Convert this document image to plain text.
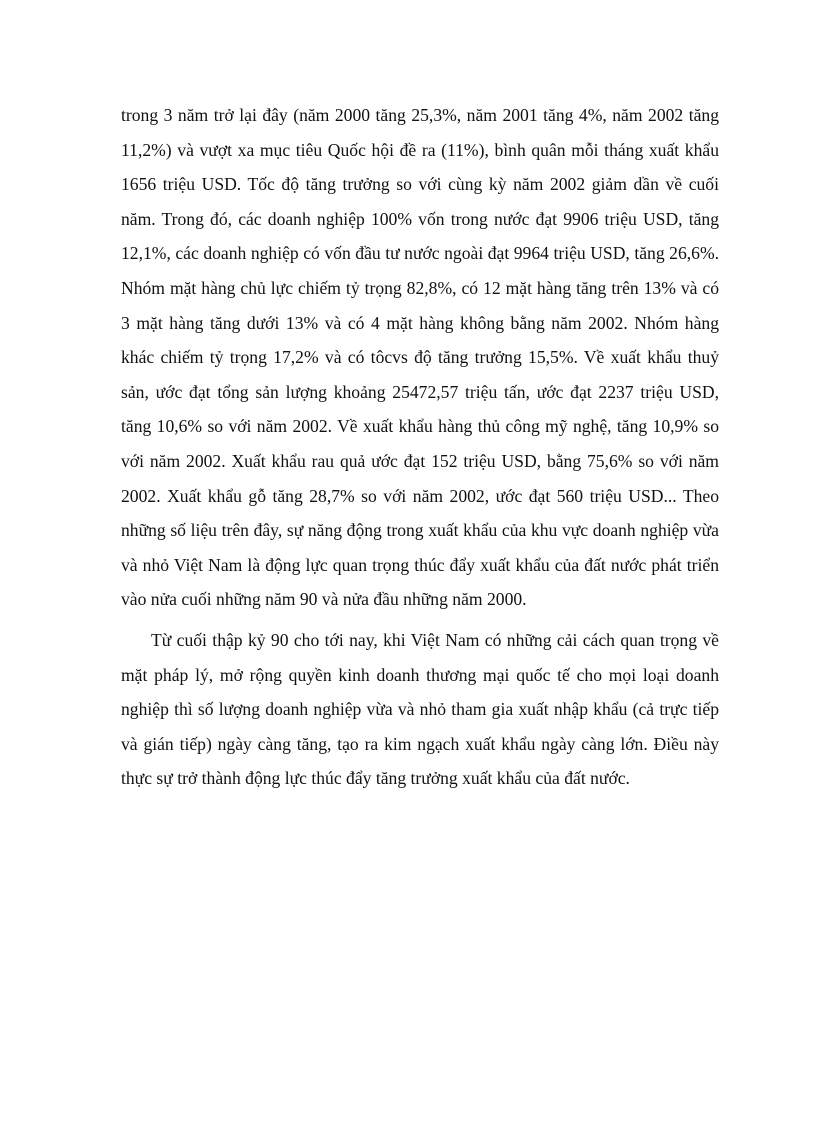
trong 3 năm trở lại đây (năm 2000 tăng 25,3%, năm 2001 tăng 4%, năm 2002 tăng 11,2%) và vượt xa mục tiêu Quốc hội đề ra (11%), bình quân mỗi tháng xuất khẩu 1656 triệu USD. Tốc độ tăng trưởng so với cùng kỳ năm 2002 giảm dần về cuối năm. Trong đó, các doanh nghiệp 100% vốn trong nước đạt 9906 triệu USD, tăng 12,1%, các doanh nghiệp có vốn đầu tư nước ngoài đạt 9964 triệu USD, tăng 26,6%. Nhóm mặt hàng chủ lực chiếm tỷ trọng 82,8%, có 12 mặt hàng tăng trên 13% và có 3 mặt hàng tăng dưới 13% và có 4 mặt hàng không bằng năm 2002. Nhóm hàng khác chiếm tỷ trọng 17,2% và có tôcvs độ tăng trưởng 15,5%. Về xuất khẩu thuỷ sản, ước đạt tổng sản lượng khoảng 25472,57 triệu tấn, ước đạt 2237 triệu USD, tăng 10,6% so với năm 2002. Về xuất khẩu hàng thủ công mỹ nghệ, tăng 10,9% so với năm 2002. Xuất khẩu rau quả ước đạt 152 triệu USD, bằng 75,6% so với năm 2002. Xuất khẩu gỗ tăng 28,7% so với năm 2002, ước đạt 560 triệu USD... Theo những số liệu trên đây, sự năng động trong xuất khẩu của khu vực doanh nghiệp vừa và nhỏ Việt Nam là động lực quan trọng thúc đẩy xuất khẩu của đất nước phát triển vào nửa cuối những năm 90 và nửa đầu những năm 2000.

Từ cuối thập kỷ 90 cho tới nay, khi Việt Nam có những cải cách quan trọng về mặt pháp lý, mở rộng quyền kinh doanh thương mại quốc tế cho mọi loại doanh nghiệp thì số lượng doanh nghiệp vừa và nhỏ tham gia xuất nhập khẩu (cả trực tiếp và gián tiếp) ngày càng tăng, tạo ra kim ngạch xuất khẩu ngày càng lớn. Điều này thực sự trở thành động lực thúc đẩy tăng trưởng xuất khẩu của đất nước.
